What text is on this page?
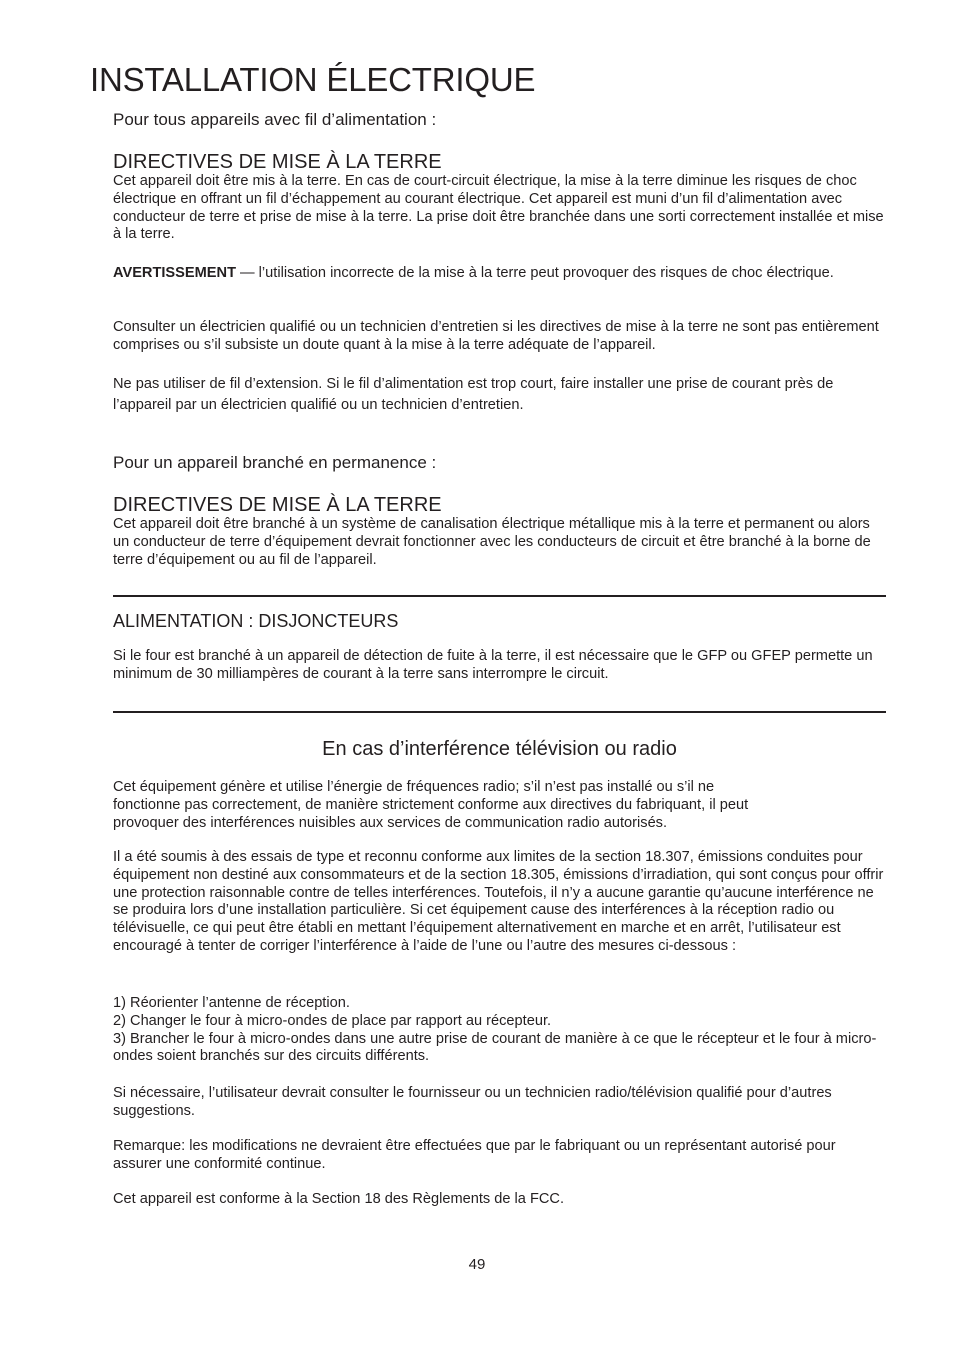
INSTALLATION ÉLECTRIQUE

Pour tous appareils avec fil d’alimentation :

DIRECTIVES DE MISE À LA TERRE

Cet appareil doit être mis à la terre. En cas de court-circuit électrique, la mise à la terre diminue les risques de choc électrique en offrant un fil d’échappement au courant électrique. Cet appareil est muni d’un fil d’alimentation avec conducteur de terre et prise de mise à la terre. La prise doit être branchée dans une sorti correctement installée et mise à la terre.

AVERTISSEMENT — l’utilisation incorrecte de la mise à la terre peut provoquer des risques de choc électrique.

Consulter un électricien qualifié ou un technicien d’entretien si les directives de mise à la terre ne sont pas entièrement comprises ou s’il subsiste un doute quant à la mise à la terre adéquate de l’appareil.

Ne pas utiliser de fil d’extension. Si le fil d’alimentation est trop court, faire installer une prise de courant près de l’appareil par un électricien qualifié ou un technicien d’entretien.

Pour un appareil branché en permanence :

DIRECTIVES DE MISE À LA TERRE

Cet appareil doit être branché à un système de canalisation électrique métallique mis à la terre et permanent ou alors un conducteur de terre d’équipement devrait fonctionner avec les conducteurs de circuit et être branché à la borne de terre d’équipement ou au fil de l’appareil.

ALIMENTATION : DISJONCTEURS

Si le four est branché à un appareil de détection de fuite à la terre, il est nécessaire que le GFP ou GFEP permette un minimum de 30 milliampères de courant à la terre sans interrompre le circuit.

En cas d’interférence télévision ou radio

Cet équipement génère et utilise l’énergie de fréquences radio; s’il n’est pas installé ou s’il ne fonctionne pas correctement, de manière strictement conforme aux directives du fabriquant, il peut provoquer des interférences nuisibles aux services de communication radio autorisés.

Il a été soumis à des essais de type et reconnu conforme aux limites de la section 18.307, émissions conduites pour équipement non destiné aux consommateurs et de la section 18.305, émissions d’irradiation, qui sont conçus pour offrir une protection raisonnable contre de telles interférences. Toutefois, il n’y a aucune garantie qu’aucune interférence ne se produira lors d’une installation particulière. Si cet équipement cause des interférences à la réception radio ou télévisuelle, ce qui peut être établi en mettant l’équipement alternativement en marche et en arrêt, l’utilisateur est encouragé à tenter de corriger l’interférence à l’aide de l’une ou l’autre des mesures ci-dessous :

1) Réorienter l’antenne de réception.
2) Changer le four à micro-ondes de place par rapport au récepteur.
3) Brancher le four à micro-ondes dans une autre prise de courant de manière à ce que le récepteur et le four à micro-ondes soient branchés sur des circuits différents.

Si nécessaire, l’utilisateur devrait consulter le fournisseur ou un technicien radio/télévision qualifié pour d’autres suggestions.

Remarque: les modifications ne devraient être effectuées que par le fabriquant ou un représentant autorisé pour assurer une conformité continue.

Cet appareil est conforme à la Section 18 des Règlements de la FCC.

49
